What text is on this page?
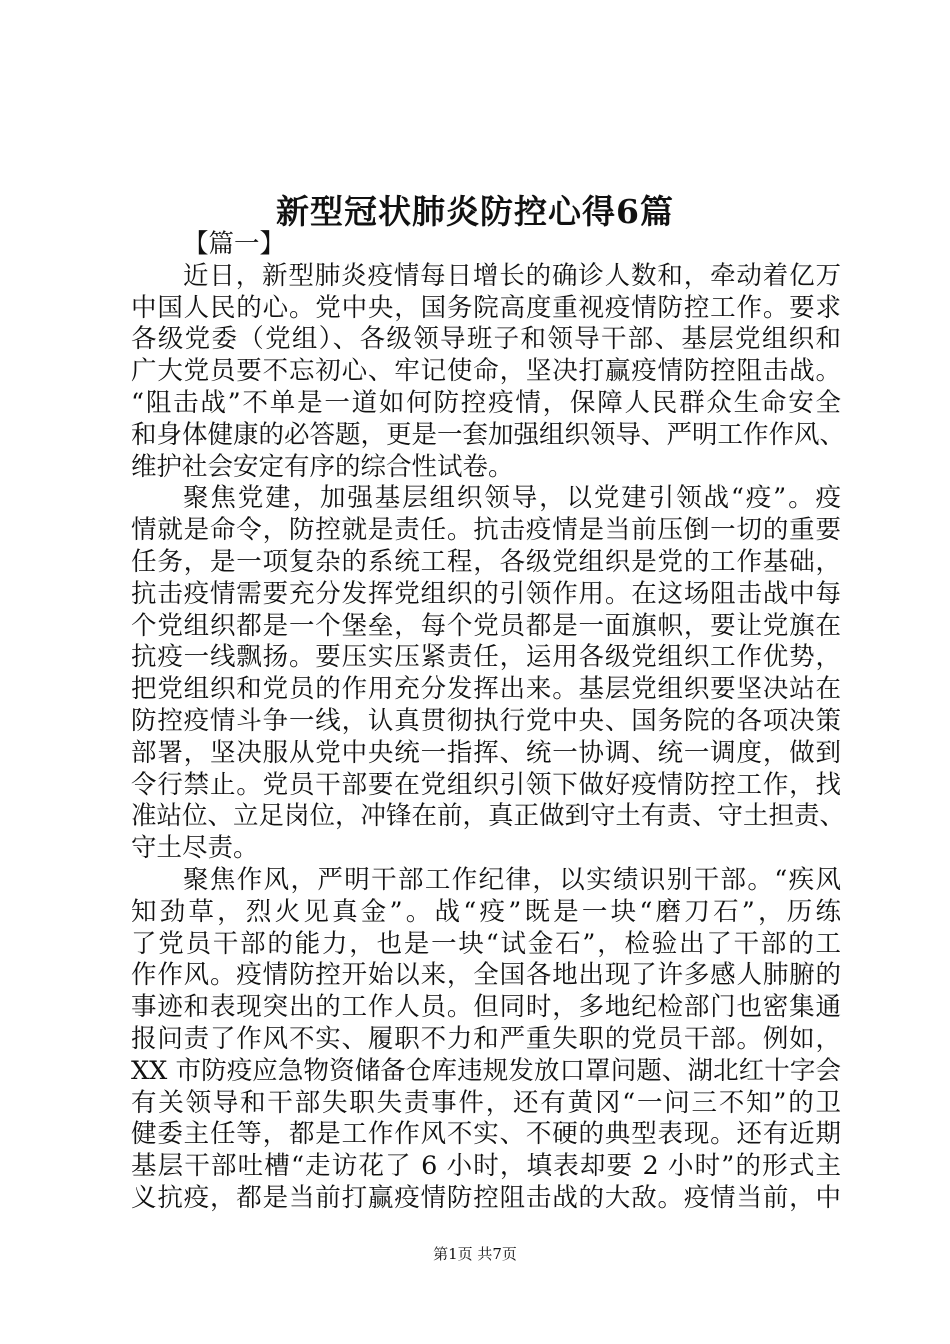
新型冠状肺炎防控心得6篇
【篇一】
近日，新型肺炎疫情每日增长的确诊人数和，牵动着亿万
中国人民的心。党中央，国务院高度重视疫情防控工作。要求
各级党委（党组）、各级领导班子和领导干部、基层党组织和
广大党员要不忘初心、牢记使命，坚决打赢疫情防控阻击战。
“阻击战”不单是一道如何防控疫情，保障人民群众生命安全
和身体健康的必答题，更是一套加强组织领导、严明工作作风、
维护社会安定有序的综合性试卷。
聚焦党建，加强基层组织领导，以党建引领战“疫”。疫
情就是命令，防控就是责任。抗击疫情是当前压倒一切的重要
任务，是一项复杂的系统工程，各级党组织是党的工作基础，
抗击疫情需要充分发挥党组织的引领作用。在这场阻击战中每
个党组织都是一个堡垒，每个党员都是一面旗帜，要让党旗在
抗疫一线飘扬。要压实压紧责任，运用各级党组织工作优势，
把党组织和党员的作用充分发挥出来。基层党组织要坚决站在
防控疫情斗争一线，认真贯彻执行党中央、国务院的各项决策
部署，坚决服从党中央统一指挥、统一协调、统一调度，做到
令行禁止。党员干部要在党组织引领下做好疫情防控工作，找
准站位、立足岗位，冲锋在前，真正做到守土有责、守土担责、
守土尽责。
聚焦作风，严明干部工作纪律，以实绩识别干部。“疾风
知劲草，烈火见真金”。战“疫”既是一块“磨刀石”，历练
了党员干部的能力，也是一块“试金石”，检验出了干部的工
作作风。疫情防控开始以来，全国各地出现了许多感人肺腑的
事迹和表现突出的工作人员。但同时，多地纪检部门也密集通
报问责了作风不实、履职不力和严重失职的党员干部。例如，
XX 市防疫应急物资储备仓库违规发放口罩问题、湖北红十字会
有关领导和干部失职失责事件，还有黄冈“一问三不知”的卫
健委主任等，都是工作作风不实、不硬的典型表现。还有近期
基层干部吐槽“走访花了 6 小时，填表却要 2 小时”的形式主
义抗疫，都是当前打赢疫情防控阻击战的大敌。疫情当前，中
第1页 共7页
